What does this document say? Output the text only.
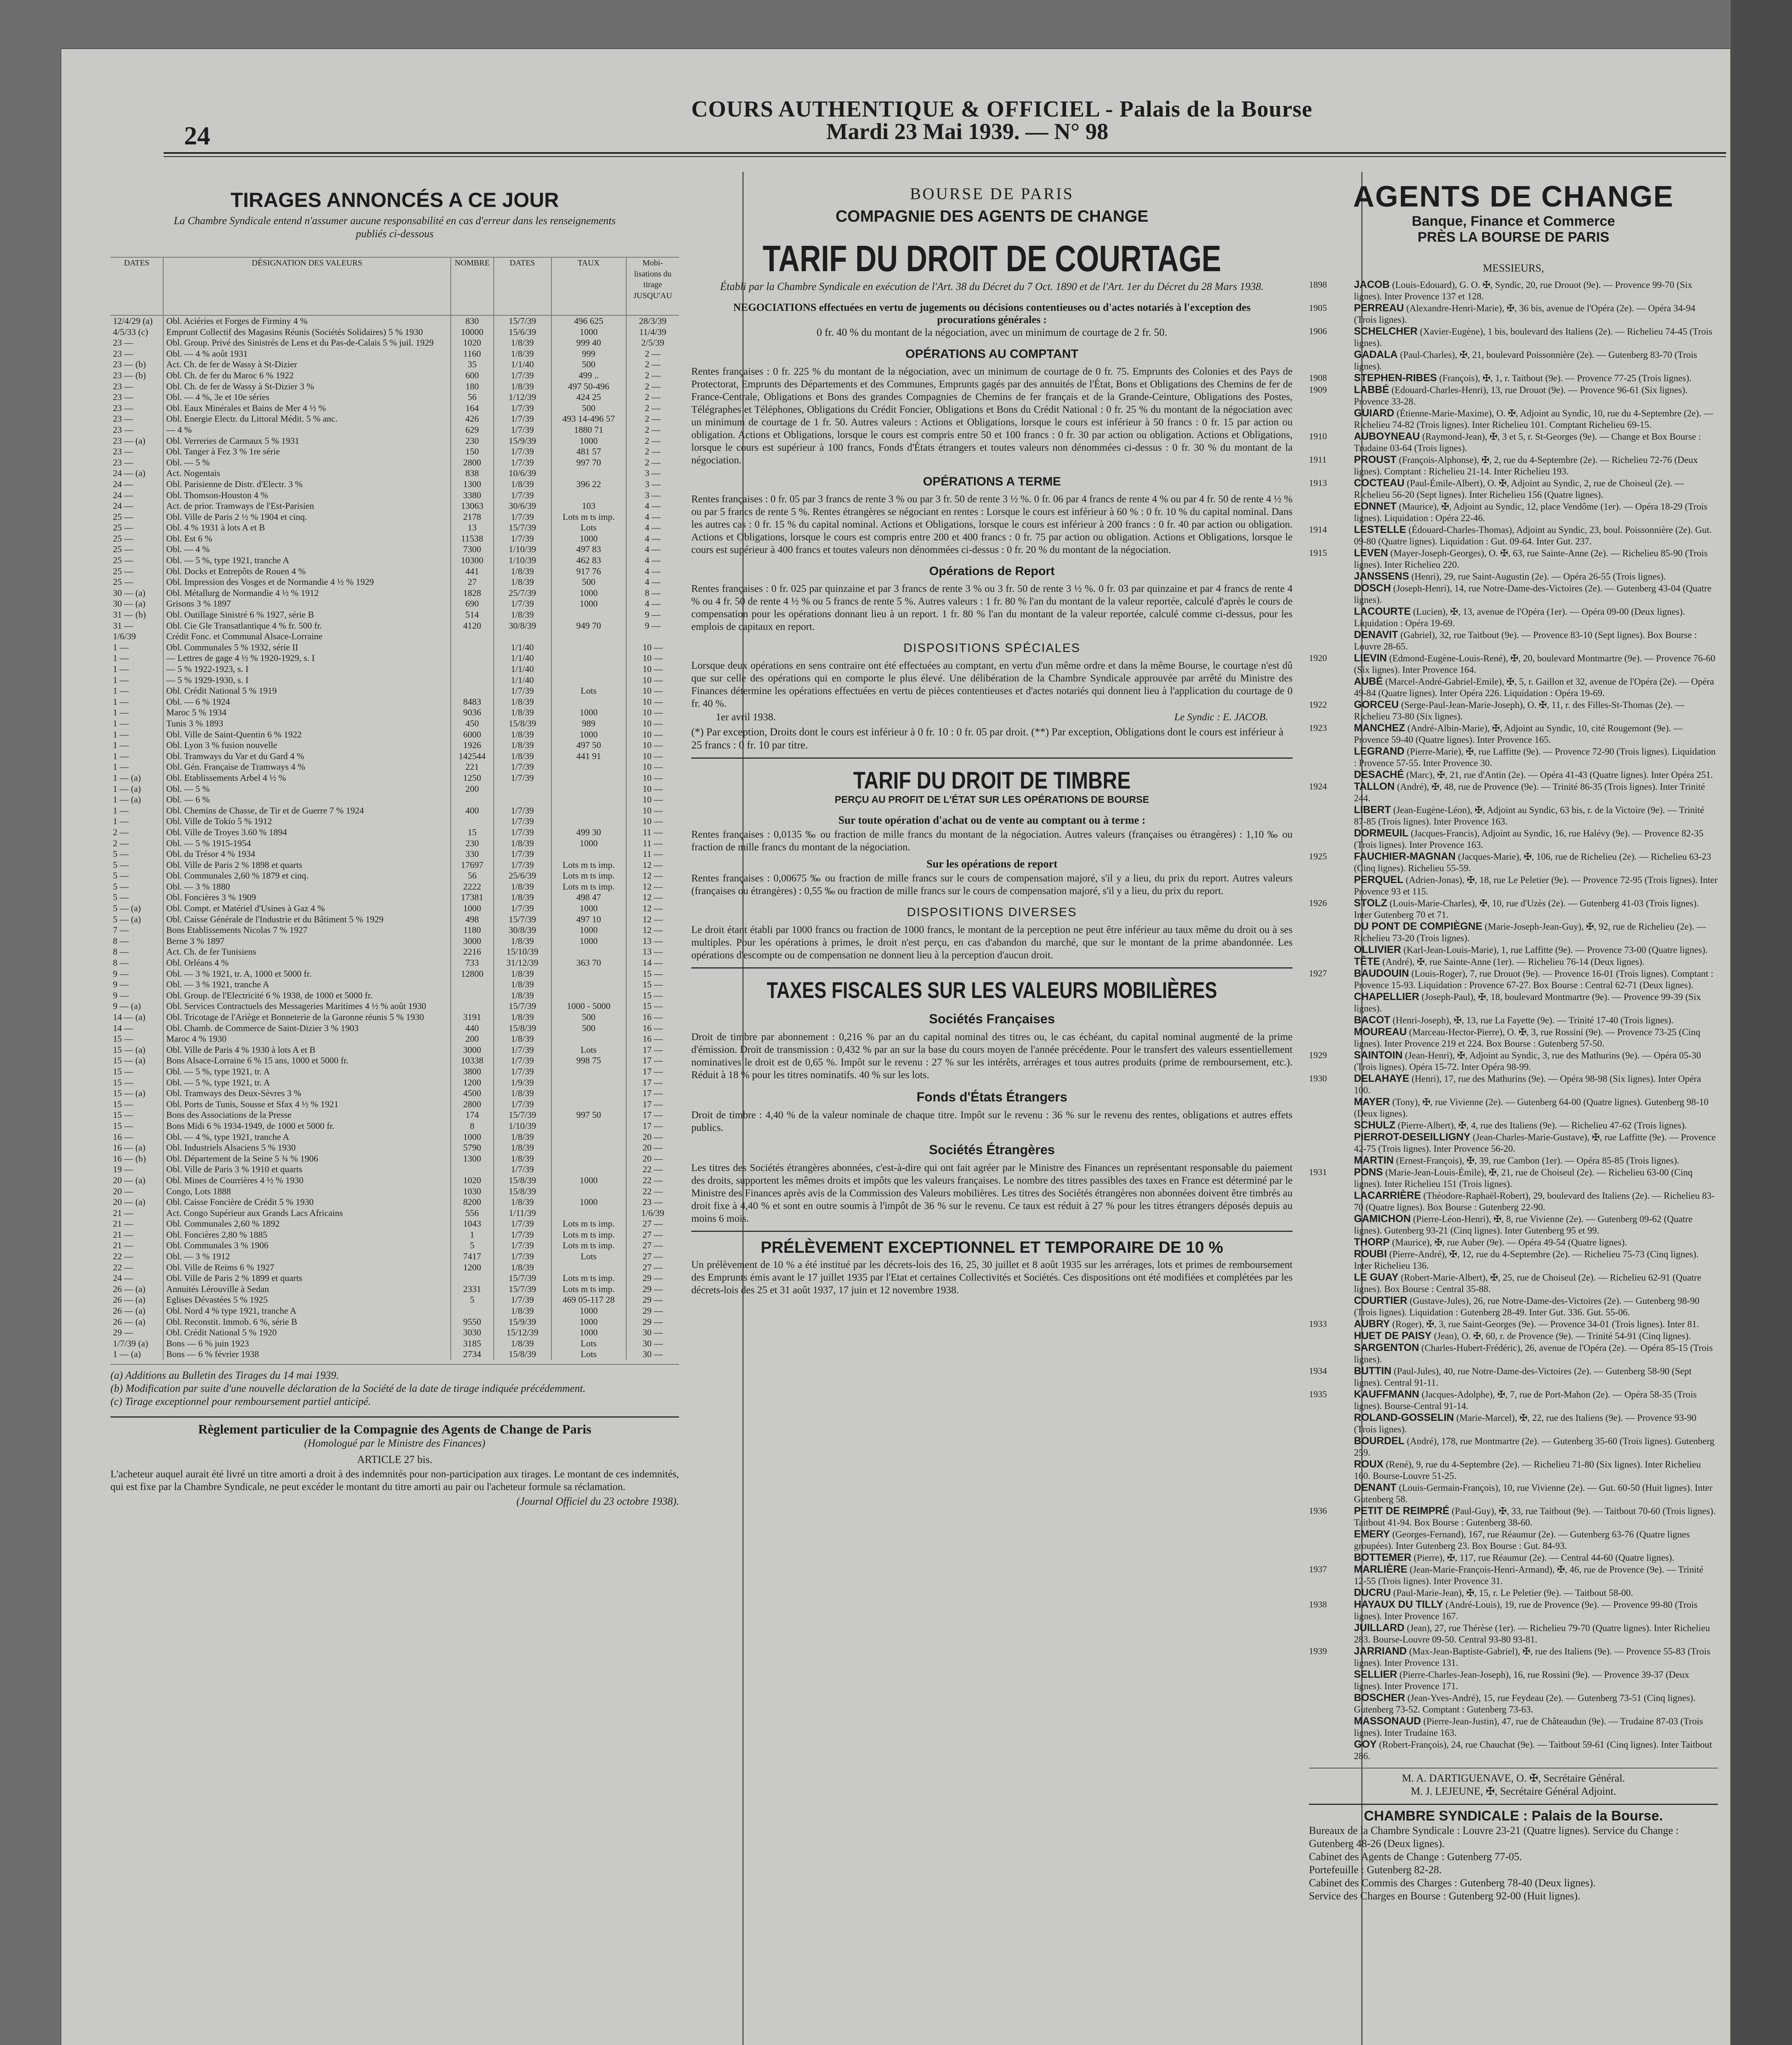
24
COURS AUTHENTIQUE & OFFICIEL - Palais de la Bourse
Mardi 23 Mai 1939. — N° 98
TIRAGES ANNONCÉS A CE JOUR
La Chambre Syndicale entend n'assumer aucune responsabilité en cas d'erreur dans les renseignements publiés ci-dessous
DATES	DÉSIGNATION DES VALEURS	NOMBRE	DATES	TAUX	Mobi-lisations du tirage JUSQU'AU
12/4/29 (a)	Obl. Aciéries et Forges de Firminy 4 %	830	15/7/39	496 625	28/3/39
4/5/33 (c)	Emprunt Collectif des Magasins Réunis (Sociétés Solidaires) 5 % 1930	10000	15/6/39	1000	11/4/39
23 —	Obl. Group. Privé des Sinistrés de Lens et du Pas-de-Calais 5 % juil. 1929	1020	1/8/39	999 40	2/5/39
23 —	Obl. — 4 % août 1931	1160	1/8/39	999	2 —
23 — (b)	Act. Ch. de fer de Wassy à St-Dizier	35	1/1/40	500	2 —
23 — (b)	Obl. Ch. de fer du Maroc 6 % 1922	600	1/7/39	499 ..	2 —
23 —	Obl. Ch. de fer de Wassy à St-Dizier 3 %	180	1/8/39	497 50-496	2 —
23 —	Obl. — 4 %, 3e et 10e séries	56	1/12/39	424 25	2 —
23 —	Obl. Eaux Minérales et Bains de Mer 4 ½ %	164	1/7/39	500	2 —
23 —	Obl. Energie Electr. du Littoral Médit. 5 % anc.	426	1/7/39	493 14-496 57	2 —
23 —	— 4 %	629	1/7/39	1880 71	2 —
23 — (a)	Obl. Verreries de Carmaux 5 % 1931	230	15/9/39	1000	2 —
23 —	Obl. Tanger à Fez 3 % 1re série	150	1/7/39	481 57	2 —
23 —	Obl. — 5 %	2800	1/7/39	997 70	2 —
24 — (a)	Act. Nogentais	838	10/6/39		3 —
24 —	Obl. Parisienne de Distr. d'Electr. 3 %	1300	1/8/39	396 22	3 —
24 —	Obl. Thomson-Houston 4 %	3380	1/7/39		3 —
24 —	Act. de prior. Tramways de l'Est-Parisien	13063	30/6/39	103	4 —
25 —	Obl. Ville de Paris 2 ½ % 1904 et cinq.	2178	1/7/39	Lots m ts imp.	4 —
25 —	Obl. 4 % 1931 à lots A et B	13	15/7/39	Lots	4 —
25 —	Obl. Est 6 %	11538	1/7/39	1000	4 —
25 —	Obl. — 4 %	7300	1/10/39	497 83	4 —
25 —	Obl. — 5 %, type 1921, tranche A	10300	1/10/39	462 83	4 —
25 —	Obl. Docks et Entrepôts de Rouen 4 %	441	1/8/39	917 76	4 —
25 —	Obl. Impression des Vosges et de Normandie 4 ½ % 1929	27	1/8/39	500	4 —
30 — (a)	Obl. Métallurg de Normandie 4 ½ % 1912	1828	25/7/39	1000	8 —
30 — (a)	Grisons 3 % 1897	690	1/7/39	1000	4 —
31 — (b)	Obl. Outillage Sinistré 6 % 1927, série B	514	1/8/39		9 —
31 —	Obl. Cie Gle Transatlantique 4 % fr. 500 fr.	4120	30/8/39	949 70	9 —
1/6/39	Crédit Fonc. et Communal Alsace-Lorraine				
1 —	Obl. Communales 5 % 1932, série II		1/1/40		10 —
1 —	— Lettres de gage 4 ½ % 1920-1929, s. I		1/1/40		10 —
1 —	— 5 % 1922-1923, s. I		1/1/40		10 —
1 —	— 5 % 1929-1930, s. I		1/1/40		10 —
1 —	Obl. Crédit National 5 % 1919		1/7/39	Lots	10 —
1 —	Obl. — 6 % 1924	8483	1/8/39		10 —
1 —	Maroc 5 % 1934	9036	1/8/39	1000	10 —
1 —	Tunis 3 % 1893	450	15/8/39	989	10 —
1 —	Obl. Ville de Saint-Quentin 6 % 1922	6000	1/8/39	1000	10 —
1 —	Obl. Lyon 3 % fusion nouvelle	1926	1/8/39	497 50	10 —
1 —	Obl. Tramways du Var et du Gard 4 %	142544	1/8/39	441 91	10 —
1 —	Obl. Gén. Française de Tramways 4 %	221	1/7/39		10 —
1 — (a)	Obl. Etablissements Arbel 4 ½ %	1250	1/7/39		10 —
1 — (a)	Obl. — 5 %	200			10 —
1 — (a)	Obl. — 6 %				10 —
1 —	Obl. Chemins de Chasse, de Tir et de Guerre 7 % 1924	400	1/7/39		10 —
1 —	Obl. Ville de Tokio 5 % 1912		1/7/39		10 —
2 —	Obl. Ville de Troyes 3.60 % 1894	15	1/7/39	499 30	11 —
2 —	Obl. — 5 % 1915-1954	230	1/8/39	1000	11 —
5 —	Obl. du Trésor 4 % 1934	330	1/7/39		11 —
5 —	Obl. Ville de Paris 2 % 1898 et quarts	17697	1/7/39	Lots m ts imp.	12 —
5 —	Obl. Communales 2,60 % 1879 et cinq.	56	25/6/39	Lots m ts imp.	12 —
5 —	Obl. — 3 % 1880	2222	1/8/39	Lots m ts imp.	12 —
5 —	Obl. Foncières 3 % 1909	17381	1/8/39	498 47	12 —
5 — (a)	Obl. Compt. et Matériel d'Usines à Gaz 4 %	1000	1/7/39	1000	12 —
5 — (a)	Obl. Caisse Générale de l'Industrie et du Bâtiment 5 % 1929	498	15/7/39	497 10	12 —
7 —	Bons Etablissements Nicolas 7 % 1927	1180	30/8/39	1000	12 —
8 —	Berne 3 % 1897	3000	1/8/39	1000	13 —
8 —	Act. Ch. de fer Tunisiens	2216	15/10/39		13 —
8 —	Obl. Orléans 4 %	733	31/12/39	363 70	14 —
9 —	Obl. — 3 % 1921, tr. A, 1000 et 5000 fr.	12800	1/8/39		15 —
9 —	Obl. — 3 % 1921, tranche A		1/8/39		15 —
9 —	Obl. Group. de l'Electricité 6 % 1938, de 1000 et 5000 fr.		1/8/39		15 —
9 — (a)	Obl. Services Contractuels des Messageries Maritimes 4 ½ % août 1930		15/7/39	1000 - 5000	15 —
14 — (a)	Obl. Tricotage de l'Ariège et Bonneterie de la Garonne réunis 5 % 1930	3191	1/8/39	500	16 —
14 —	Obl. Chamb. de Commerce de Saint-Dizier 3 % 1903	440	15/8/39	500	16 —
15 —	Maroc 4 % 1930	200	1/8/39		16 —
15 — (a)	Obl. Ville de Paris 4 % 1930 à lots A et B	3000	1/7/39	Lots	17 —
15 — (a)	Bons Alsace-Lorraine 6 % 15 ans, 1000 et 5000 fr.	10338	1/7/39	998 75	17 —
15 —	Obl. — 5 %, type 1921, tr. A	3800	1/7/39		17 —
15 —	Obl. — 5 %, type 1921, tr. A	1200	1/9/39		17 —
15 — (a)	Obl. Tramways des Deux-Sèvres 3 %	4500	1/8/39		17 —
15 —	Obl. Ports de Tunis, Sousse et Sfax 4 ½ % 1921	2800	1/7/39		17 —
15 —	Bons des Associations de la Presse	174	15/7/39	997 50	17 —
15 —	Bons Midi 6 % 1934-1949, de 1000 et 5000 fr.	8	1/10/39		17 —
16 —	Obl. — 4 %, type 1921, tranche A	1000	1/8/39		20 —
16 — (a)	Obl. Industriels Alsaciens 5 % 1930	5790	1/8/39		20 —
16 — (b)	Obl. Département de la Seine 5 ¾ % 1906	1300	1/8/39		20 —
19 —	Obl. Ville de Paris 3 % 1910 et quarts		1/7/39		22 —
20 — (a)	Obl. Mines de Courrières 4 ½ % 1930	1020	15/8/39	1000	22 —
20 —	Congo, Lots 1888	1030	15/8/39		22 —
20 — (a)	Obl. Caisse Foncière de Crédit 5 % 1930	8200	1/8/39	1000	23 —
21 —	Act. Congo Supérieur aux Grands Lacs Africains	556	1/11/39		1/6/39
21 —	Obl. Communales 2,60 % 1892	1043	1/7/39	Lots m ts imp.	27 —
21 —	Obl. Foncières 2,80 % 1885	1	1/7/39	Lots m ts imp.	27 —
21 —	Obl. Communales 3 % 1906	5	1/7/39	Lots m ts imp.	27 —
22 —	Obl. — 3 % 1912	7417	1/7/39	Lots	27 —
22 —	Obl. Ville de Reims 6 % 1927	1200	1/8/39		27 —
24 —	Obl. Ville de Paris 2 % 1899 et quarts		15/7/39	Lots m ts imp.	29 —
26 — (a)	Annuités Lérouville à Sedan	2331	15/7/39	Lots m ts imp.	29 —
26 — (a)	Eglises Dévastées 5 % 1925	5	1/7/39	469 05-117 28	29 —
26 — (a)	Obl. Nord 4 % type 1921, tranche A		1/8/39	1000	29 —
26 — (a)	Obl. Reconstit. Immob. 6 %, série B	9550	15/9/39	1000	29 —
29 —	Obl. Crédit National 5 % 1920	3030	15/12/39	1000	30 —
1/7/39 (a)	Bons — 6 % juin 1923	3185	1/8/39	Lots	30 —
1 — (a)	Bons — 6 % février 1938	2734	15/8/39	Lots	30 —
(a) Additions au Bulletin des Tirages du 14 mai 1939.
(b) Modification par suite d'une nouvelle déclaration de la Société de la date de tirage indiquée précédemment.
(c) Tirage exceptionnel pour remboursement partiel anticipé.
Règlement particulier de la Compagnie des Agents de Change de Paris
(Homologué par le Ministre des Finances)
ARTICLE 27 bis.
L'acheteur auquel aurait été livré un titre amorti a droit à des indemnités pour non-participation aux tirages. Le montant de ces indemnités, qui est fixe par la Chambre Syndicale, ne peut excéder le montant du titre amorti au pair ou l'acheteur formule sa réclamation.
(Journal Officiel du 23 octobre 1938).
BOURSE DE PARIS
COMPAGNIE DES AGENTS DE CHANGE
TARIF DU DROIT DE COURTAGE
Établi par la Chambre Syndicale en exécution de l'Art. 38 du Décret du 7 Oct. 1890 et de l'Art. 1er du Décret du 28 Mars 1938.
NEGOCIATIONS effectuées en vertu de jugements ou décisions contentieuses ou d'actes notariés à l'exception des procurations générales :
0 fr. 40 % du montant de la négociation, avec un minimum de courtage de 2 fr. 50.
OPÉRATIONS AU COMPTANT
Rentes françaises : 0 fr. 225 % du montant de la négociation, avec un minimum de courtage de 0 fr. 75. Emprunts des Colonies et des Pays de Protectorat, Emprunts des Départements et des Communes, Emprunts gagés par des annuités de l'État, Bons et Obligations des Chemins de fer de France-Centrale, Obligations et Bons des grandes Compagnies de Chemins de fer français et de la Grande-Ceinture, Obligations des Postes, Télégraphes et Téléphones, Obligations du Crédit Foncier, Obligations et Bons du Crédit National : 0 fr. 25 % du montant de la négociation avec un minimum de courtage de 1 fr. 50. Autres valeurs : Actions et Obligations, lorsque le cours est inférieur à 50 francs : 0 fr. 15 par action ou obligation. Actions et Obligations, lorsque le cours est compris entre 50 et 100 francs : 0 fr. 30 par action ou obligation. Actions et Obligations, lorsque le cours est supérieur à 100 francs, Fonds d'États étrangers et toutes valeurs non dénommées ci-dessus : 0 fr. 30 % du montant de la négociation.
OPÉRATIONS A TERME
Rentes françaises : 0 fr. 05 par 3 francs de rente 3 % ou par 3 fr. 50 de rente 3 ½ %. 0 fr. 06 par 4 francs de rente 4 % ou par 4 fr. 50 de rente 4 ½ % ou par 5 francs de rente 5 %. Rentes étrangères se négociant en rentes : Lorsque le cours est inférieur à 60 % : 0 fr. 10 % du capital nominal. Dans les autres cas : 0 fr. 15 % du capital nominal. Actions et Obligations, lorsque le cours est inférieur à 200 francs : 0 fr. 40 par action ou obligation. Actions et Obligations, lorsque le cours est compris entre 200 et 400 francs : 0 fr. 75 par action ou obligation. Actions et Obligations, lorsque le cours est supérieur à 400 francs et toutes valeurs non dénommées ci-dessus : 0 fr. 20 % du montant de la négociation.
Opérations de Report
Rentes françaises : 0 fr. 025 par quinzaine et par 3 francs de rente 3 % ou 3 fr. 50 de rente 3 ½ %. 0 fr. 03 par quinzaine et par 4 francs de rente 4 % ou 4 fr. 50 de rente 4 ½ % ou 5 francs de rente 5 %. Autres valeurs : 1 fr. 80 % l'an du montant de la valeur reportée, calculé d'après le cours de compensation pour les opérations donnant lieu à un report. 1 fr. 80 % l'an du montant de la valeur reportée, calculé comme ci-dessus, pour les emplois de capitaux en report.
DISPOSITIONS SPÉCIALES
Lorsque deux opérations en sens contraire ont été effectuées au comptant, en vertu d'un même ordre et dans la même Bourse, le courtage n'est dû que sur celle des opérations qui en comporte le plus élevé. Une délibération de la Chambre Syndicale approuvée par arrêté du Ministre des Finances détermine les opérations effectuées en vertu de pièces contentieuses et d'actes notariés qui donnent lieu à l'application du courtage de 0 fr. 40 %.
1er avril 1938.	Le Syndic : E. JACOB.
(*) Par exception, Droits dont le cours est inférieur à 0 fr. 10 : 0 fr. 05 par droit. (**) Par exception, Obligations dont le cours est inférieur à 25 francs : 0 fr. 10 par titre.
TARIF DU DROIT DE TIMBRE
PERÇU AU PROFIT DE L'ÉTAT SUR LES OPÉRATIONS DE BOURSE
Sur toute opération d'achat ou de vente au comptant ou à terme :
Rentes françaises : 0,0135 ‰ ou fraction de mille francs du montant de la négociation. Autres valeurs (françaises ou étrangères) : 1,10 ‰ ou fraction de mille francs du montant de la négociation.
Sur les opérations de report
Rentes françaises : 0,00675 ‰ ou fraction de mille francs sur le cours de compensation majoré, s'il y a lieu, du prix du report. Autres valeurs (françaises ou étrangères) : 0,55 ‰ ou fraction de mille francs sur le cours de compensation majoré, s'il y a lieu, du prix du report.
DISPOSITIONS DIVERSES
Le droit étant établi par 1000 francs ou fraction de 1000 francs, le montant de la perception ne peut être inférieur au taux même du droit ou à ses multiples. Pour les opérations à primes, le droit n'est perçu, en cas d'abandon du marché, que sur le montant de la prime abandonnée. Les opérations d'escompte ou de compensation ne donnent lieu à la perception d'aucun droit.
TAXES FISCALES SUR LES VALEURS MOBILIÈRES
Sociétés Françaises
Droit de timbre par abonnement : 0,216 % par an du capital nominal des titres ou, le cas échéant, du capital nominal augmenté de la prime d'émission. Droit de transmission : 0,432 % par an sur la base du cours moyen de l'année précédente. Pour le transfert des valeurs essentiellement nominatives le droit est de 0,65 %. Impôt sur le revenu : 27 % sur les intérêts, arrérages et tous autres produits (prime de remboursement, etc.). Réduit à 18 % pour les titres nominatifs. 40 % sur les lots.
Fonds d'États Étrangers
Droit de timbre : 4,40 % de la valeur nominale de chaque titre. Impôt sur le revenu : 36 % sur le revenu des rentes, obligations et autres effets publics.
Sociétés Étrangères
Les titres des Sociétés étrangères abonnées, c'est-à-dire qui ont fait agréer par le Ministre des Finances un représentant responsable du paiement des droits, supportent les mêmes droits et impôts que les valeurs françaises. Le nombre des titres passibles des taxes en France est déterminé par le Ministre des Finances après avis de la Commission des Valeurs mobilières. Les titres des Sociétés étrangères non abonnées doivent être timbrés au droit fixe à 4,40 % et sont en outre soumis à l'impôt de 36 % sur le revenu. Ce taux est réduit à 27 % pour les titres étrangers déposés depuis au moins 6 mois.
PRÉLÈVEMENT EXCEPTIONNEL ET TEMPORAIRE DE 10 %
Un prélèvement de 10 % a été institué par les décrets-lois des 16, 25, 30 juillet et 8 août 1935 sur les arrérages, lots et primes de remboursement des Emprunts émis avant le 17 juillet 1935 par l'Etat et certaines Collectivités et Sociétés. Ces dispositions ont été modifiées et complétées par les décrets-lois des 25 et 31 août 1937, 17 juin et 12 novembre 1938.
AGENTS DE CHANGE
Banque, Finance et Commerce
PRÈS LA BOURSE DE PARIS
MESSIEURS,
1898	JACOB (Louis-Edouard), G. O. ✠, Syndic, 20, rue Drouot (9e). — Provence 99-70 (Six lignes). Inter Provence 137 et 128.
1905	PERREAU (Alexandre-Henri-Marie), ✠, 36 bis, avenue de l'Opéra (2e). — Opéra 34-94 (Trois lignes).
1906	SCHELCHER (Xavier-Eugène), 1 bis, boulevard des Italiens (2e). — Richelieu 74-45 (Trois lignes).
GADALA (Paul-Charles), ✠, 21, boulevard Poissonnière (2e). — Gutenberg 83-70 (Trois lignes).
1908	STEPHEN-RIBES (François), ✠, 1, r. Taitbout (9e). — Provence 77-25 (Trois lignes).
1909	LABBÉ (Edouard-Charles-Henri), 13, rue Drouot (9e). — Provence 96-61 (Six lignes). Provence 33-28.
GUIARD (Étienne-Marie-Maxime), O. ✠, Adjoint au Syndic, 10, rue du 4-Septembre (2e). — Richelieu 74-82 (Trois lignes). Inter Richelieu 101. Comptant Richelieu 69-15.
1910	AUBOYNEAU (Raymond-Jean), ✠, 3 et 5, r. St-Georges (9e). — Change et Box Bourse : Trudaine 03-64 (Trois lignes).
1911	PROUST (François-Alphonse), ✠, 2, rue du 4-Septembre (2e). — Richelieu 72-76 (Deux lignes). Comptant : Richelieu 21-14. Inter Richelieu 193.
1913	COCTEAU (Paul-Émile-Albert), O. ✠, Adjoint au Syndic, 2, rue de Choiseul (2e). — Richelieu 56-20 (Sept lignes). Inter Richelieu 156 (Quatre lignes).
EONNET (Maurice), ✠, Adjoint au Syndic, 12, place Vendôme (1er). — Opéra 18-29 (Trois lignes). Liquidation : Opéra 22-46.
1914	LESTELLE (Édouard-Charles-Thomas), Adjoint au Syndic, 23, boul. Poissonnière (2e). Gut. 09-80 (Quatre lignes). Liquidation : Gut. 09-64. Inter Gut. 237.
1915	LEVEN (Mayer-Joseph-Georges), O. ✠, 63, rue Sainte-Anne (2e). — Richelieu 85-90 (Trois lignes). Inter Richelieu 220.
JANSSENS (Henri), 29, rue Saint-Augustin (2e). — Opéra 26-55 (Trois lignes).
DOSCH (Joseph-Henri), 14, rue Notre-Dame-des-Victoires (2e). — Gutenberg 43-04 (Quatre lignes).
LACOURTE (Lucien), ✠, 13, avenue de l'Opéra (1er). — Opéra 09-00 (Deux lignes). Liquidation : Opéra 19-69.
DENAVIT (Gabriel), 32, rue Taitbout (9e). — Provence 83-10 (Sept lignes). Box Bourse : Louvre 28-65.
1920	LIEVIN (Edmond-Eugène-Louis-René), ✠, 20, boulevard Montmartre (9e). — Provence 76-60 (Six lignes). Inter Provence 164.
AUBÉ (Marcel-André-Gabriel-Emile), ✠, 5, r. Gaillon et 32, avenue de l'Opéra (2e). — Opéra 49-84 (Quatre lignes). Inter Opéra 226. Liquidation : Opéra 19-69.
1922	GORCEU (Serge-Paul-Jean-Marie-Joseph), O. ✠, 11, r. des Filles-St-Thomas (2e). — Richelieu 73-80 (Six lignes).
1923	MANCHEZ (André-Albin-Marie), ✠, Adjoint au Syndic, 10, cité Rougemont (9e). — Provence 59-40 (Quatre lignes). Inter Provence 165.
LEGRAND (Pierre-Marie), ✠, rue Laffitte (9e). — Provence 72-90 (Trois lignes). Liquidation : Provence 57-55. Inter Provence 30.
DESACHÉ (Marc), ✠, 21, rue d'Antin (2e). — Opéra 41-43 (Quatre lignes). Inter Opéra 251.
1924	TALLON (André), ✠, 48, rue de Provence (9e). — Trinité 86-35 (Trois lignes). Inter Trinité 244.
LIBERT (Jean-Eugène-Léon), ✠, Adjoint au Syndic, 63 bis, r. de la Victoire (9e). — Trinité 87-85 (Trois lignes). Inter Provence 163.
DORMEUIL (Jacques-Francis), Adjoint au Syndic, 16, rue Halévy (9e). — Provence 82-35 (Trois lignes). Inter Provence 163.
1925	FAUCHIER-MAGNAN (Jacques-Marie), ✠, 106, rue de Richelieu (2e). — Richelieu 63-23 (Cinq lignes). Richelieu 55-59.
PERQUEL (Adrien-Jonas), ✠, 18, rue Le Peletier (9e). — Provence 72-95 (Trois lignes). Inter Provence 93 et 115.
1926	STOLZ (Louis-Marie-Charles), ✠, 10, rue d'Uzès (2e). — Gutenberg 41-03 (Trois lignes). Inter Gutenberg 70 et 71.
DU PONT DE COMPIÈGNE (Marie-Joseph-Jean-Guy), ✠, 92, rue de Richelieu (2e). — Richelieu 73-20 (Trois lignes).
OLLIVIER (Karl-Jean-Louis-Marie), 1, rue Laffitte (9e). — Provence 73-00 (Quatre lignes).
TÊTE (André), ✠, rue Sainte-Anne (1er). — Richelieu 76-14 (Deux lignes).
1927	BAUDOUIN (Louis-Roger), 7, rue Drouot (9e). — Provence 16-01 (Trois lignes). Comptant : Provence 15-93. Liquidation : Provence 67-27. Box Bourse : Central 62-71 (Deux lignes).
CHAPELLIER (Joseph-Paul), ✠, 18, boulevard Montmartre (9e). — Provence 99-39 (Six lignes).
BACOT (Henri-Joseph), ✠, 13, rue La Fayette (9e). — Trinité 17-40 (Trois lignes).
MOUREAU (Marceau-Hector-Pierre), O. ✠, 3, rue Rossini (9e). — Provence 73-25 (Cinq lignes). Inter Provence 219 et 224. Box Bourse : Gutenberg 57-50.
1929	SAINTOIN (Jean-Henri), ✠, Adjoint au Syndic, 3, rue des Mathurins (9e). — Opéra 05-30 (Trois lignes). Opéra 15-72. Inter Opéra 98-99.
1930	DELAHAYE (Henri), 17, rue des Mathurins (9e). — Opéra 98-98 (Six lignes). Inter Opéra 100.
MAYER (Tony), ✠, rue Vivienne (2e). — Gutenberg 64-00 (Quatre lignes). Gutenberg 98-10 (Deux lignes).
SCHULZ (Pierre-Albert), ✠, 4, rue des Italiens (9e). — Richelieu 47-62 (Trois lignes).
PIERROT-DESEILLIGNY (Jean-Charles-Marie-Gustave), ✠, rue Laffitte (9e). — Provence 42-75 (Trois lignes). Inter Provence 56-20.
MARTIN (Ernest-François), ✠, 39, rue Cambon (1er). — Opéra 85-85 (Trois lignes).
1931	PONS (Marie-Jean-Louis-Émile), ✠, 21, rue de Choiseul (2e). — Richelieu 63-00 (Cinq lignes). Inter Richelieu 151 (Trois lignes).
LACARRIÈRE (Théodore-Raphaël-Robert), 29, boulevard des Italiens (2e). — Richelieu 83-70 (Quatre lignes). Box Bourse : Gutenberg 22-90.
GAMICHON (Pierre-Léon-Henri), ✠, 8, rue Vivienne (2e). — Gutenberg 09-62 (Quatre lignes). Gutenberg 93-21 (Cinq lignes). Inter Gutenberg 95 et 99.
THORP (Maurice), ✠, rue Auber (9e). — Opéra 49-54 (Quatre lignes).
ROUBI (Pierre-André), ✠, 12, rue du 4-Septembre (2e). — Richelieu 75-73 (Cinq lignes). Inter Richelieu 136.
LE GUAY (Robert-Marie-Albert), ✠, 25, rue de Choiseul (2e). — Richelieu 62-91 (Quatre lignes). Box Bourse : Central 35-88.
COURTIER (Gustave-Jules), 26, rue Notre-Dame-des-Victoires (2e). — Gutenberg 98-90 (Trois lignes). Liquidation : Gutenberg 28-49. Inter Gut. 336. Gut. 55-06.
1933	AUBRY (Roger), ✠, 3, rue Saint-Georges (9e). — Provence 34-01 (Trois lignes). Inter 81.
HUET DE PAISY (Jean), O. ✠, 60, r. de Provence (9e). — Trinité 54-91 (Cinq lignes).
SARGENTON (Charles-Hubert-Frédéric), 26, avenue de l'Opéra (2e). — Opéra 85-15 (Trois lignes).
1934	BUTTIN (Paul-Jules), 40, rue Notre-Dame-des-Victoires (2e). — Gutenberg 58-90 (Sept lignes). Central 91-11.
1935	KAUFFMANN (Jacques-Adolphe), ✠, 7, rue de Port-Mahon (2e). — Opéra 58-35 (Trois lignes). Bourse-Central 91-14.
ROLAND-GOSSELIN (Marie-Marcel), ✠, 22, rue des Italiens (9e). — Provence 93-90 (Trois lignes).
BOURDEL (André), 178, rue Montmartre (2e). — Gutenberg 35-60 (Trois lignes). Gutenberg 259.
ROUX (René), 9, rue du 4-Septembre (2e). — Richelieu 71-80 (Six lignes). Inter Richelieu 160. Bourse-Louvre 51-25.
DENANT (Louis-Germain-François), 10, rue Vivienne (2e). — Gut. 60-50 (Huit lignes). Inter Gutenberg 58.
1936	PETIT DE REIMPRÉ (Paul-Guy), ✠, 33, rue Taitbout (9e). — Taitbout 70-60 (Trois lignes). Taitbout 41-94. Box Bourse : Gutenberg 38-60.
EMERY (Georges-Fernand), 167, rue Réaumur (2e). — Gutenberg 63-76 (Quatre lignes groupées). Inter Gutenberg 23. Box Bourse : Gut. 84-93.
BOTTEMER (Pierre), ✠, 117, rue Réaumur (2e). — Central 44-60 (Quatre lignes).
1937	MARLIÈRE (Jean-Marie-François-Henri-Armand), ✠, 46, rue de Provence (9e). — Trinité 12-55 (Trois lignes). Inter Provence 31.
DUCRU (Paul-Marie-Jean), ✠, 15, r. Le Peletier (9e). — Taitbout 58-00.
1938	HAYAUX DU TILLY (André-Louis), 19, rue de Provence (9e). — Provence 99-80 (Trois lignes). Inter Provence 167.
JUILLARD (Jean), 27, rue Thérèse (1er). — Richelieu 79-70 (Quatre lignes). Inter Richelieu 283. Bourse-Louvre 09-50. Central 93-80 93-81.
1939	JARRIAND (Max-Jean-Baptiste-Gabriel), ✠, rue des Italiens (9e). — Provence 55-83 (Trois lignes). Inter Provence 131.
SELLIER (Pierre-Charles-Jean-Joseph), 16, rue Rossini (9e). — Provence 39-37 (Deux lignes). Inter Provence 171.
BOSCHER (Jean-Yves-André), 15, rue Feydeau (2e). — Gutenberg 73-51 (Cinq lignes). Gutenberg 73-52. Comptant : Gutenberg 73-63.
MASSONAUD (Pierre-Jean-Justin), 47, rue de Châteaudun (9e). — Trudaine 87-03 (Trois lignes). Inter Trudaine 163.
GOY (Robert-François), 24, rue Chauchat (9e). — Taitbout 59-61 (Cinq lignes). Inter Taitbout 286.
M. A. DARTIGUENAVE, O. ✠, Secrétaire Général.
M. J. LEJEUNE, ✠, Secrétaire Général Adjoint.
CHAMBRE SYNDICALE : Palais de la Bourse.
Bureaux de la Chambre Syndicale : Louvre 23-21 (Quatre lignes). Service du Change : Gutenberg 48-26 (Deux lignes).
Cabinet des Agents de Change : Gutenberg 77-05.
Portefeuille : Gutenberg 82-28.
Cabinet des Commis des Charges : Gutenberg 78-40 (Deux lignes).
Service des Charges en Bourse : Gutenberg 92-00 (Huit lignes).
